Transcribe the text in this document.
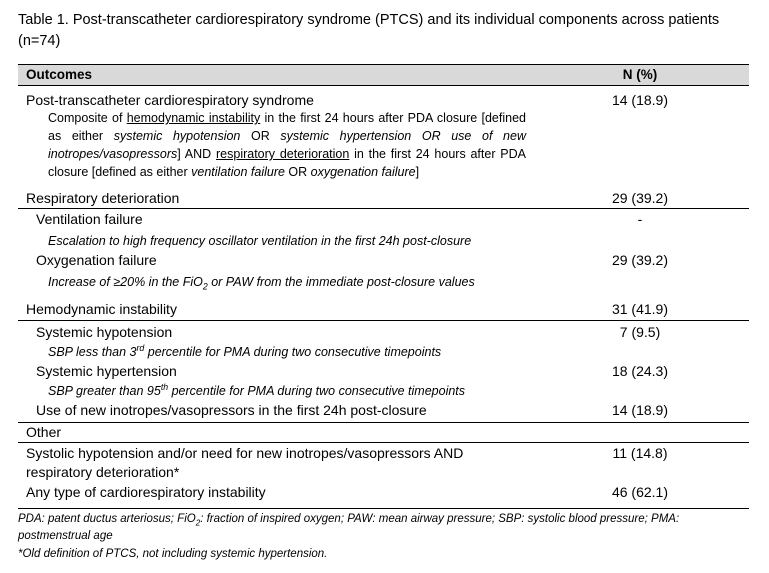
Table 1. Post-transcatheter cardiorespiratory syndrome (PTCS) and its individual components across patients (n=74)
Outcomes	N (%)
Post-transcatheter cardiorespiratory syndrome	14 (18.9)
Composite of hemodynamic instability in the first 24 hours after PDA closure [defined as either systemic hypotension OR systemic hypertension OR use of new inotropes/vasopressors] AND respiratory deterioration in the first 24 hours after PDA closure [defined as either ventilation failure OR oxygenation failure]
Respiratory deterioration	29 (39.2)
Ventilation failure	-
Escalation to high frequency oscillator ventilation in the first 24h post-closure
Oxygenation failure	29 (39.2)
Increase of ≥20% in the FiO$_2$ or PAW from the immediate post-closure values
Hemodynamic instability	31 (41.9)
Systemic hypotension	7 (9.5)
SBP less than 3rd percentile for PMA during two consecutive timepoints
Systemic hypertension	18 (24.3)
SBP greater than 95th percentile for PMA during two consecutive timepoints
Use of new inotropes/vasopressors in the first 24h post-closure	14 (18.9)
Other
Systolic hypotension and/or need for new inotropes/vasopressors AND	11 (14.8)
respiratory deterioration*
Any type of cardiorespiratory instability	46 (62.1)
PDA: patent ductus arteriosus; FiO$_2$: fraction of inspired oxygen; PAW: mean airway pressure; SBP: systolic blood pressure; PMA:
postmenstrual age
*Old definition of PTCS, not including systemic hypertension.
